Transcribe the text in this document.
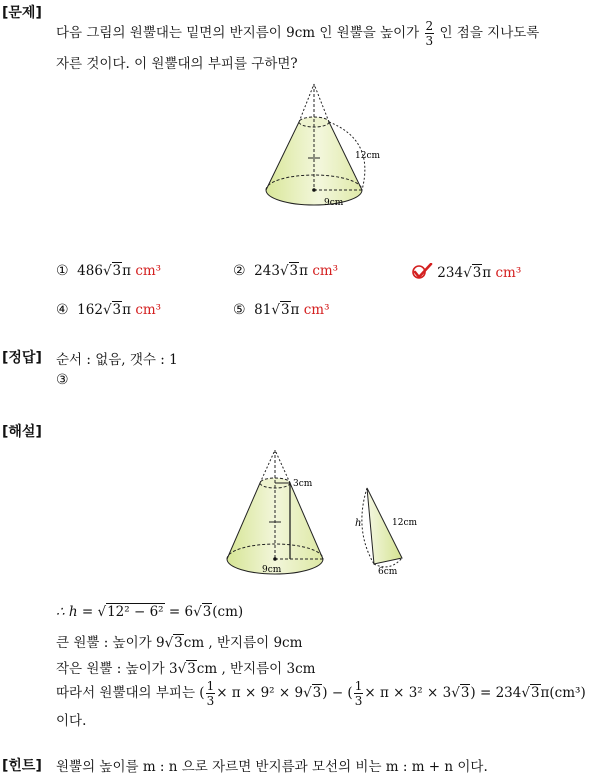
[문제]
다음 그림의 원뿔대는 밑면의 반지름이 9cm 인 원뿔을 높이가 $\frac{2}{3}$ 인 점을 지나도록
자른 것이다. 이 원뿔대의 부피를 구하면?
12cm
9cm
① 486√3π cm³	② 243√3π cm³	234√3π cm³
④ 162√3π cm³	⑤ 81√3π cm³
[정답] 순서 : 없음, 갯수 : 1
③
[해설]
3cm
9cm
h	12cm
6cm
∴ h = √12² − 6² = 6√3(cm)
큰 원뿔 : 높이가 9√3cm , 반지름이 9cm
작은 원뿔 : 높이가 3√3cm , 반지름이 3cm
따라서 원뿔대의 부피는 ( $\frac{1}{3} \times \pi \times 9^2 \times 9√3$) − ( $\frac{1}{3} \times \pi \times 3^2 \times 3√3) = 234√3\pi(cm^3)$
이다.
[힌트] 원뿔의 높이를 m : n 으로 자르면 반지름과 모선의 비는 m : m + n 이다.
